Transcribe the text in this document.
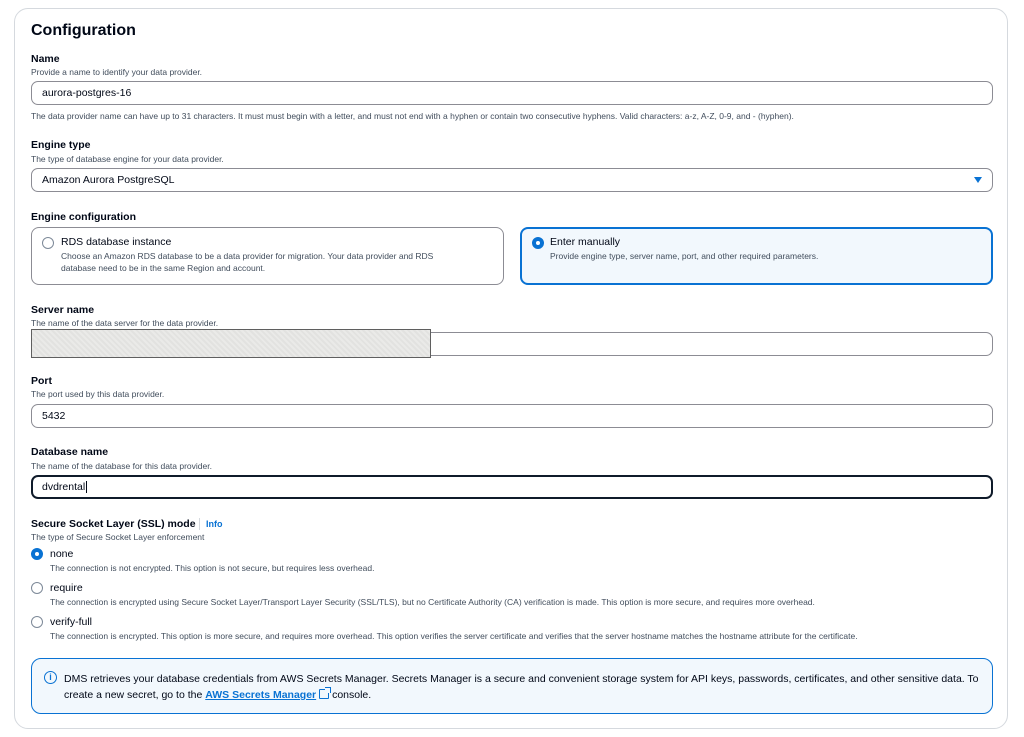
Configuration
Name
Provide a name to identify your data provider.
aurora-postgres-16
The data provider name can have up to 31 characters. It must must begin with a letter, and must not end with a hyphen or contain two consecutive hyphens. Valid characters: a-z, A-Z, 0-9, and - (hyphen).
Engine type
The type of database engine for your data provider.
Amazon Aurora PostgreSQL
Engine configuration
RDS database instance
Choose an Amazon RDS database to be a data provider for migration. Your data provider and RDS
database need to be in the same Region and account.
Enter manually
Provide engine type, server name, port, and other required parameters.
Server name
The name of the data server for the data provider.
Port
The port used by this data provider.
5432
Database name
The name of the database for this data provider.
dvdrental
Secure Socket Layer (SSL) mode Info
The type of Secure Socket Layer enforcement
none
The connection is not encrypted. This option is not secure, but requires less overhead.
require
The connection is encrypted using Secure Socket Layer/Transport Layer Security (SSL/TLS), but no Certificate Authority (CA) verification is made. This option is more secure, and requires more overhead.
verify-full
The connection is encrypted. This option is more secure, and requires more overhead. This option verifies the server certificate and verifies that the server hostname matches the hostname attribute for the certificate.
i	DMS retrieves your database credentials from AWS Secrets Manager. Secrets Manager is a secure and convenient storage system for API keys, passwords, certificates, and other sensitive data. To create a new secret, go to the AWS Secrets Manager console.
